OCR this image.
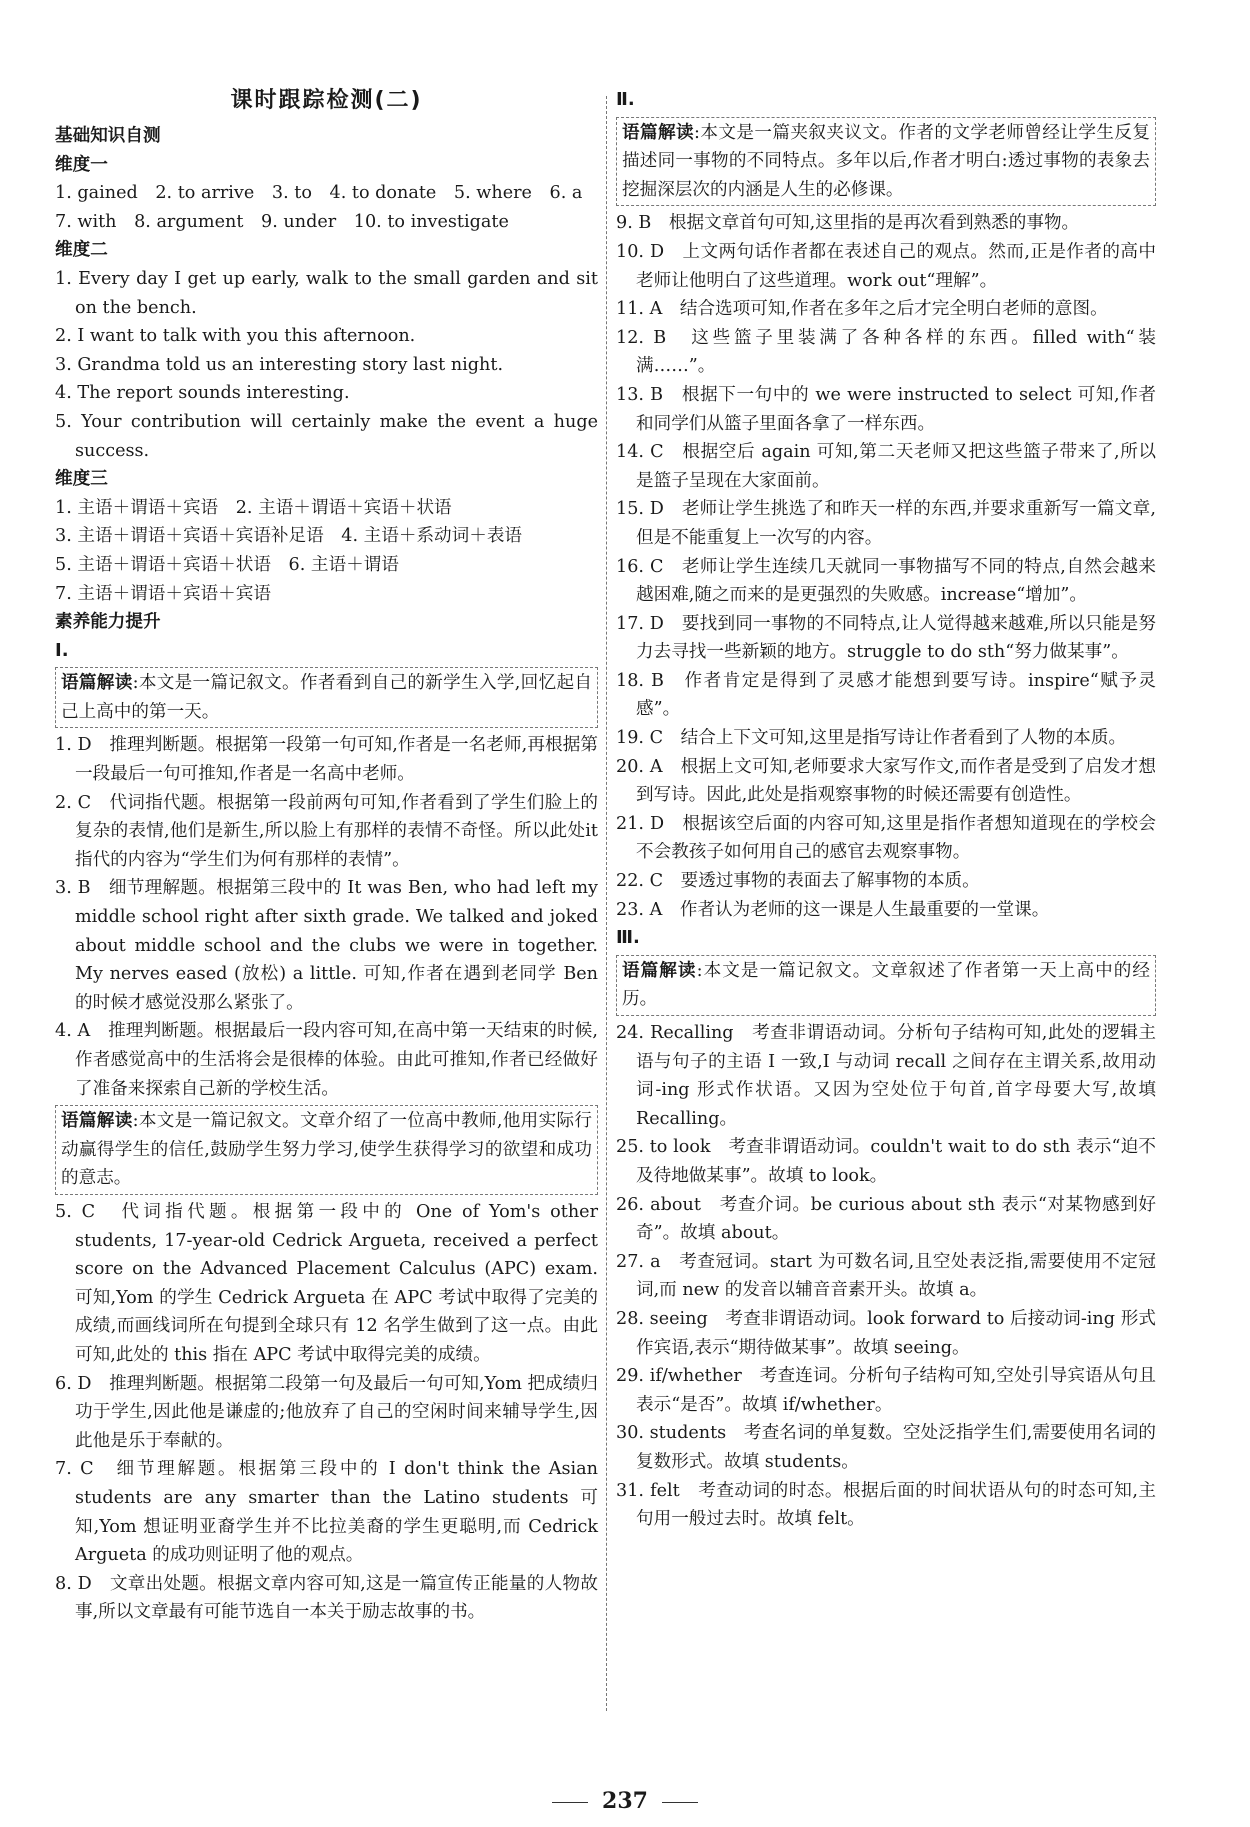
课时跟踪检测(二)
基础知识自测
维度一
1. gained 2. to arrive 3. to 4. to donate 5. where 6. a
7. with 8. argument 9. under 10. to investigate
维度二
1. Every day I get up early, walk to the small garden and sit on the bench.
2. I want to talk with you this afternoon.
3. Grandma told us an interesting story last night.
4. The report sounds interesting.
5. Your contribution will certainly make the event a huge success.
维度三
1. 主语＋谓语＋宾语　2. 主语＋谓语＋宾语＋状语
3. 主语＋谓语＋宾语＋宾语补足语　4. 主语＋系动词＋表语
5. 主语＋谓语＋宾语＋状语　6. 主语＋谓语
7. 主语＋谓语＋宾语＋宾语
素养能力提升
Ⅰ.
语篇解读:本文是一篇记叙文。作者看到自己的新学生入学,回忆起自己上高中的第一天。
1. D　推理判断题。根据第一段第一句可知,作者是一名老师,再根据第一段最后一句可推知,作者是一名高中老师。
2. C　代词指代题。根据第一段前两句可知,作者看到了学生们脸上的复杂的表情,他们是新生,所以脸上有那样的表情不奇怪。所以此处it指代的内容为“学生们为何有那样的表情”。
3. B　细节理解题。根据第三段中的 It was Ben, who had left my middle school right after sixth grade. We talked and joked about middle school and the clubs we were in together. My nerves eased (放松) a little. 可知,作者在遇到老同学 Ben 的时候才感觉没那么紧张了。
4. A　推理判断题。根据最后一段内容可知,在高中第一天结束的时候,作者感觉高中的生活将会是很棒的体验。由此可推知,作者已经做好了准备来探索自己新的学校生活。
语篇解读:本文是一篇记叙文。文章介绍了一位高中教师,他用实际行动赢得学生的信任,鼓励学生努力学习,使学生获得学习的欲望和成功的意志。
5. C　代词指代题。根据第一段中的 One of Yom's other students, 17-year-old Cedrick Argueta, received a perfect score on the Advanced Placement Calculus (APC) exam. 可知,Yom 的学生 Cedrick Argueta 在 APC 考试中取得了完美的成绩,而画线词所在句提到全球只有 12 名学生做到了这一点。由此可知,此处的 this 指在 APC 考试中取得完美的成绩。
6. D　推理判断题。根据第二段第一句及最后一句可知,Yom 把成绩归功于学生,因此他是谦虚的;他放弃了自己的空闲时间来辅导学生,因此他是乐于奉献的。
7. C　细节理解题。根据第三段中的 I don't think the Asian students are any smarter than the Latino students 可知,Yom 想证明亚裔学生并不比拉美裔的学生更聪明,而 Cedrick Argueta 的成功则证明了他的观点。
8. D　文章出处题。根据文章内容可知,这是一篇宣传正能量的人物故事,所以文章最有可能节选自一本关于励志故事的书。
Ⅱ.
语篇解读:本文是一篇夹叙夹议文。作者的文学老师曾经让学生反复描述同一事物的不同特点。多年以后,作者才明白:透过事物的表象去挖掘深层次的内涵是人生的必修课。
9. B　根据文章首句可知,这里指的是再次看到熟悉的事物。
10. D　上文两句话作者都在表述自己的观点。然而,正是作者的高中老师让他明白了这些道理。work out“理解”。
11. A　结合选项可知,作者在多年之后才完全明白老师的意图。
12. B　这些篮子里装满了各种各样的东西。filled with“装满……”。
13. B　根据下一句中的 we were instructed to select 可知,作者和同学们从篮子里面各拿了一样东西。
14. C　根据空后 again 可知,第二天老师又把这些篮子带来了,所以是篮子呈现在大家面前。
15. D　老师让学生挑选了和昨天一样的东西,并要求重新写一篇文章,但是不能重复上一次写的内容。
16. C　老师让学生连续几天就同一事物描写不同的特点,自然会越来越困难,随之而来的是更强烈的失败感。increase“增加”。
17. D　要找到同一事物的不同特点,让人觉得越来越难,所以只能是努力去寻找一些新颖的地方。struggle to do sth“努力做某事”。
18. B　作者肯定是得到了灵感才能想到要写诗。inspire“赋予灵感”。
19. C　结合上下文可知,这里是指写诗让作者看到了人物的本质。
20. A　根据上文可知,老师要求大家写作文,而作者是受到了启发才想到写诗。因此,此处是指观察事物的时候还需要有创造性。
21. D　根据该空后面的内容可知,这里是指作者想知道现在的学校会不会教孩子如何用自己的感官去观察事物。
22. C　要透过事物的表面去了解事物的本质。
23. A　作者认为老师的这一课是人生最重要的一堂课。
Ⅲ.
语篇解读:本文是一篇记叙文。文章叙述了作者第一天上高中的经历。
24. Recalling　考查非谓语动词。分析句子结构可知,此处的逻辑主语与句子的主语 I 一致,I 与动词 recall 之间存在主谓关系,故用动词-ing 形式作状语。又因为空处位于句首,首字母要大写,故填 Recalling。
25. to look　考查非谓语动词。couldn't wait to do sth 表示“迫不及待地做某事”。故填 to look。
26. about　考查介词。be curious about sth 表示“对某物感到好奇”。故填 about。
27. a　考查冠词。start 为可数名词,且空处表泛指,需要使用不定冠词,而 new 的发音以辅音音素开头。故填 a。
28. seeing　考查非谓语动词。look forward to 后接动词-ing 形式作宾语,表示“期待做某事”。故填 seeing。
29. if/whether　考查连词。分析句子结构可知,空处引导宾语从句且表示“是否”。故填 if/whether。
30. students　考查名词的单复数。空处泛指学生们,需要使用名词的复数形式。故填 students。
31. felt　考查动词的时态。根据后面的时间状语从句的时态可知,主句用一般过去时。故填 felt。
237
